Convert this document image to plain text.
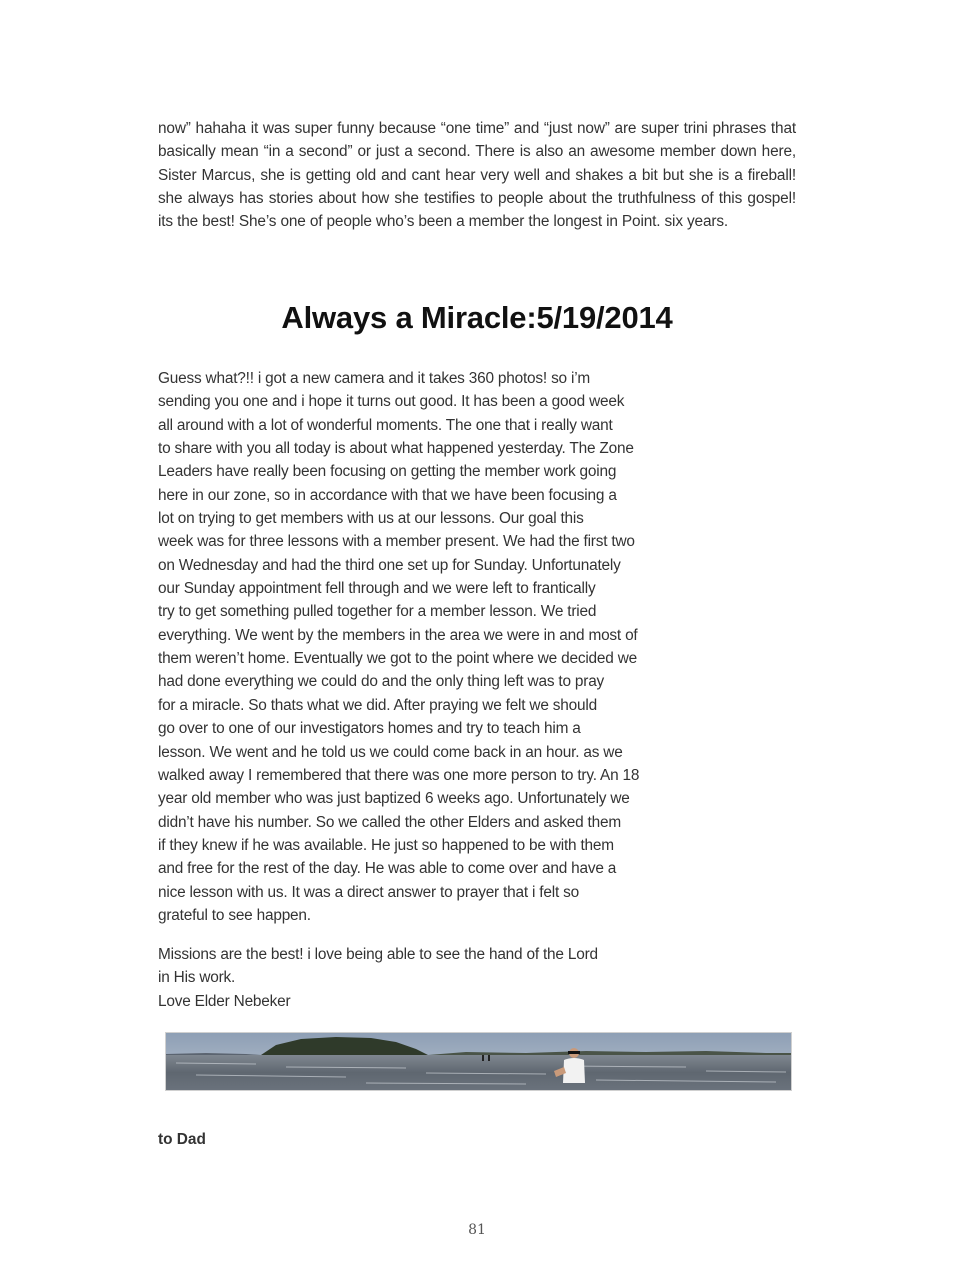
now” hahaha it was super funny because “one time” and “just now” are super trini phrases that basically mean “in a second” or just a second. There is also an awesome member down here, Sister Marcus, she is getting old and cant hear very well and shakes a bit but she is a fireball! she always has stories about how she testifies to people about the truthfulness of this gospel! its the best! She’s one of people who’s been a member the longest in Point. six years.

Always a Miracle:5/19/2014
Guess what?!! i got a new camera and it takes 360 photos! so i’m
sending you one and i hope it turns out good. It has been a good week
all around with a lot of wonderful moments. The one that i really want
to share with you all today is about what happened yesterday. The Zone
Leaders have really been focusing on getting the member work going
here in our zone, so in accordance with that we have been focusing a
lot on trying to get members with us at our lessons. Our goal this
week was for three lessons with a member present. We had the first two
on Wednesday and had the third one set up for Sunday. Unfortunately
our Sunday appointment fell through and we were left to frantically
try to get something pulled together for a member lesson. We tried
everything. We went by the members in the area we were in and most of
them weren’t home. Eventually we got to the point where we decided we
had done everything we could do and the only thing left was to pray
for a miracle. So thats what we did. After praying we felt we should
go over to one of our investigators homes and try to teach him a
lesson. We went and he told us we could come back in an hour. as we
walked away I remembered that there was one more person to try. An 18
year old member who was just baptized 6 weeks ago. Unfortunately we
didn’t have his number. So we called the other Elders and asked them
if they knew if he was available. He just so happened to be with them
and free for the rest of the day. He was able to come over and have a
nice lesson with us. It was a direct answer to prayer that i felt so
grateful to see happen.
Missions are the best! i love being able to see the hand of the Lord
in His work.
Love Elder Nebeker
to Dad
81
